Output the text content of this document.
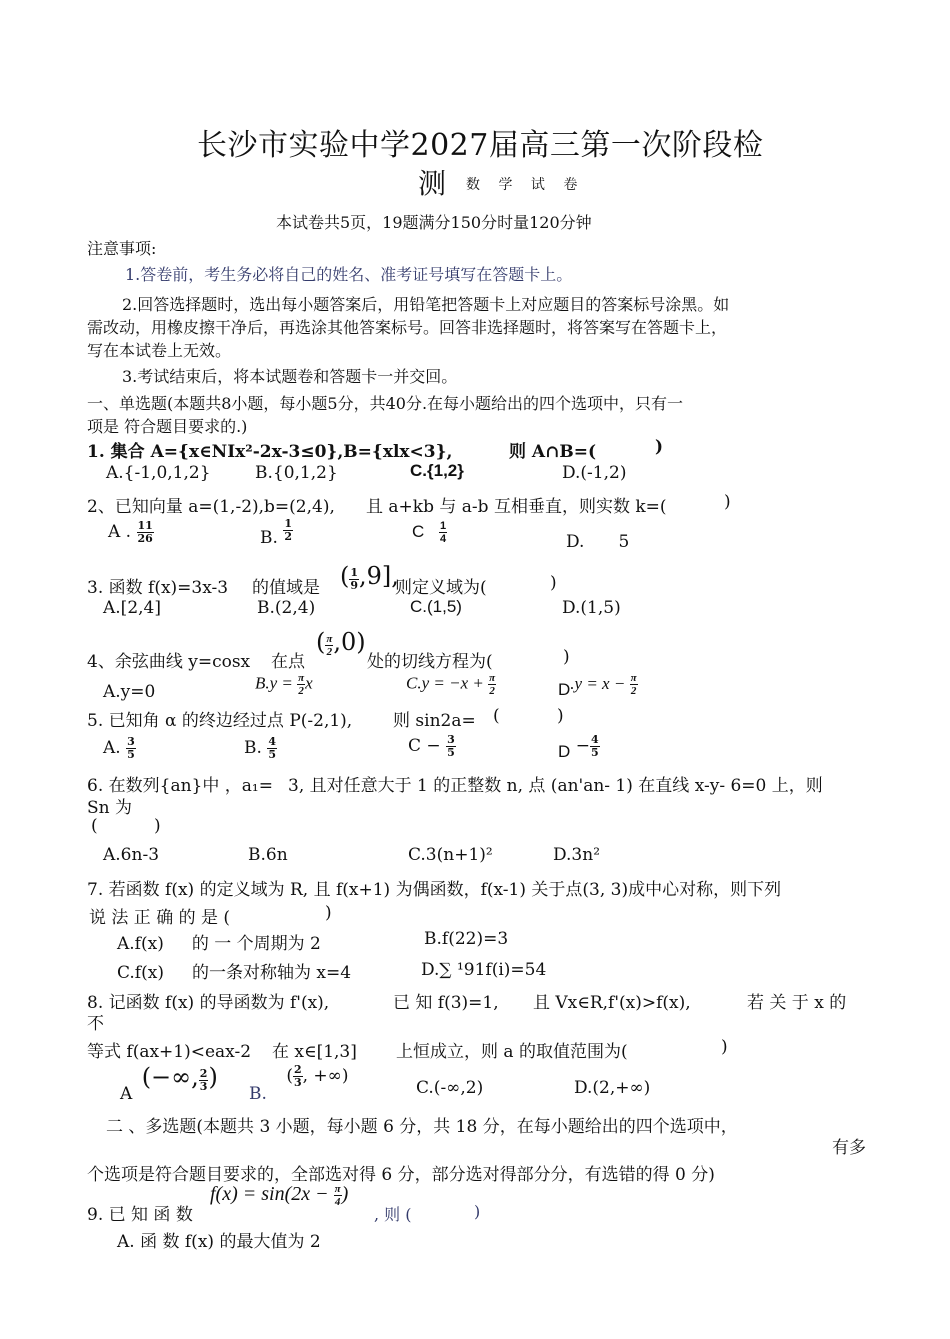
长沙市实验中学2027届高三第一次阶段检
测 数 学 试 卷
本试卷共5页，19题满分150分时量120分钟
注意事项:
1.答卷前，考生务必将自己的姓名、准考证号填写在答题卡上。
2.回答选择题时，选出每小题答案后，用铅笔把答题卡上对应题目的答案标号涂黑。如
需改动，用橡皮擦干净后，再选涂其他答案标号。回答非选择题时，将答案写在答题卡上，
写在本试卷上无效。
3.考试结束后，将本试题卷和答题卡一并交回。
一、单选题(本题共8小题，每小题5分，共40分.在每小题给出的四个选项中，只有一
项是 符合题目要求的.)
1. 集合 A={x∈NIx²-2x-3≤0},B={xlx<3},	则 A∩B=(	)
A.{-1,0,1,2}	B.{0,1,2}	C.{1,2}	D.(-1,2)
2、已知向量 a=(1,-2),b=(2,4), 且 a+kb 与 a-b 互相垂直，则实数 k=(	)
A . $\frac{11}{26}$	B. $\frac{1}{2}$	C $\frac{1}{4}$	D. 5
3. 函数 f(x)=3x-3 的值域是 ( $\frac{1}{9} ,9$],
则定义域为(	)
A.[2,4]	B.(2,4)	C.(1,5)	D.(1,5)
4、余弦曲线 y=cosx 在点
( $\frac{\pi}{2} ,0$)
处的切线方程为(	)
A.y=0	$B.y = \frac{\pi}{2}$ x	$C.y = -x + \frac{\pi}{2}$	$D.y = x - \frac{\pi}{2}$
5. 已知角 α 的终边经过点 P(-2,1), 则 sin2a= (	)
A. $\frac{3}{5}$	B. $\frac{4}{5}$	$C - \frac{3}{5}$	$D - \frac{4}{5}$
6. 在数列{an}中 ，a₁= 3, 且对任意大于 1 的正整数 n, 点 (an'an- 1) 在直线 x-y- 6=0 上，则
Sn 为
(	)
A.6n-3	B.6n	C.3(n+1)²	D.3n²
7. 若函数 f(x) 的定义域为 R, 且 f(x+1) 为偶函数，f(x-1) 关于点(3, 3)成中心对称，则下列
说 法 正 确 的 是 (	)
A.f(x) 的 一 个周期为 2	B.f(22)=3
C.f(x) 的一条对称轴为 x=4	D.∑ ¹91f(i)=54
8. 记函数 f(x) 的导函数为 f'(x),	已 知 f(3)=1, 且 Vx∈R,f'(x)>f(x),	若 关 于 x 的
不
等式 f(ax+1)<eax-2 在 x∈[1,3] 上恒成立，则 a 的取值范围为(	)
A (−∞, $\frac{2}{3}$ )
B. ( $\frac{2}{3}$ , +∞)
C.(-∞,2)	D.(2,+∞)
二 、多选题(本题共 3 小题，每小题 6 分，共 18 分，在每小题给出的四个选项中，
有多
个选项是符合题目要求的，全部选对得 6 分，部分选对得部分分，有选错的得 0 分)
9. 已 知 函 数
$f(x) = \sin(2x - \frac{\pi}{4}$ )
, 则 (	)
A. 函 数 f(x) 的最大值为 2
